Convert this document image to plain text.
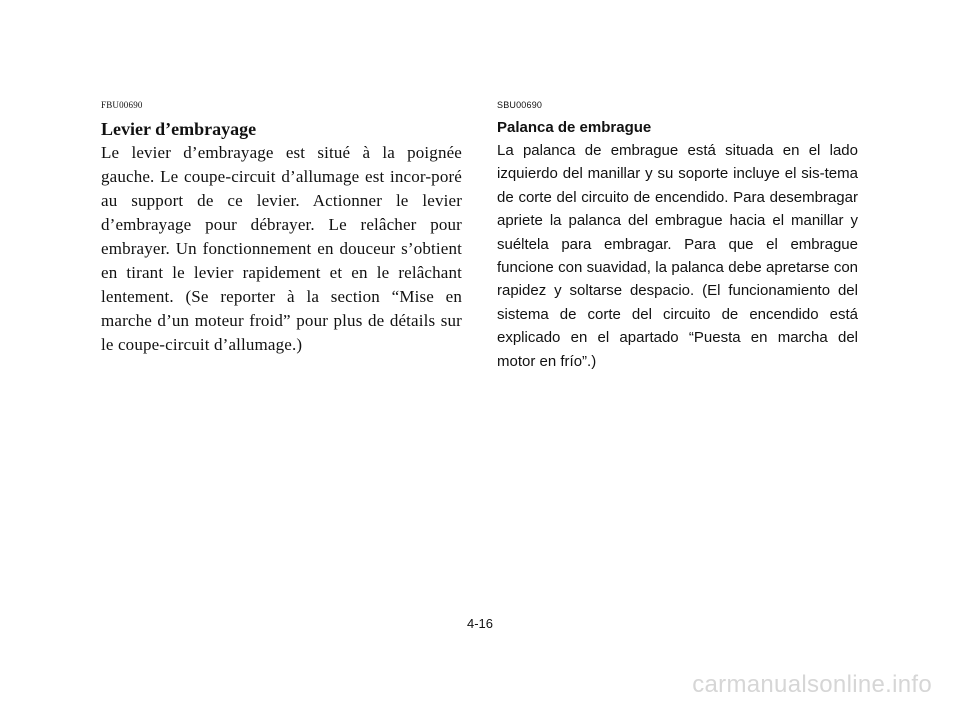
FBU00690
Levier d’embrayage

Le levier d’embrayage est situé à la poignée gauche. Le coupe-circuit d’allumage est incor-poré au support de ce levier. Actionner le levier d’embrayage pour débrayer. Le relâcher pour embrayer. Un fonctionnement en douceur s’obtient en tirant le levier rapidement et en le relâchant lentement. (Se reporter à la section “Mise en marche d’un moteur froid” pour plus de détails sur le coupe-circuit d’allumage.)

SBU00690
Palanca de embrague

La palanca de embrague está situada en el lado izquierdo del manillar y su soporte incluye el sis-tema de corte del circuito de encendido. Para desembragar apriete la palanca del embrague hacia el manillar y suéltela para embragar. Para que el embrague funcione con suavidad, la palanca debe apretarse con rapidez y soltarse despacio. (El funcionamiento del sistema de corte del circuito de encendido está explicado en el apartado “Puesta en marcha del motor en frío”.)

4-16
carmanualsonline.info
